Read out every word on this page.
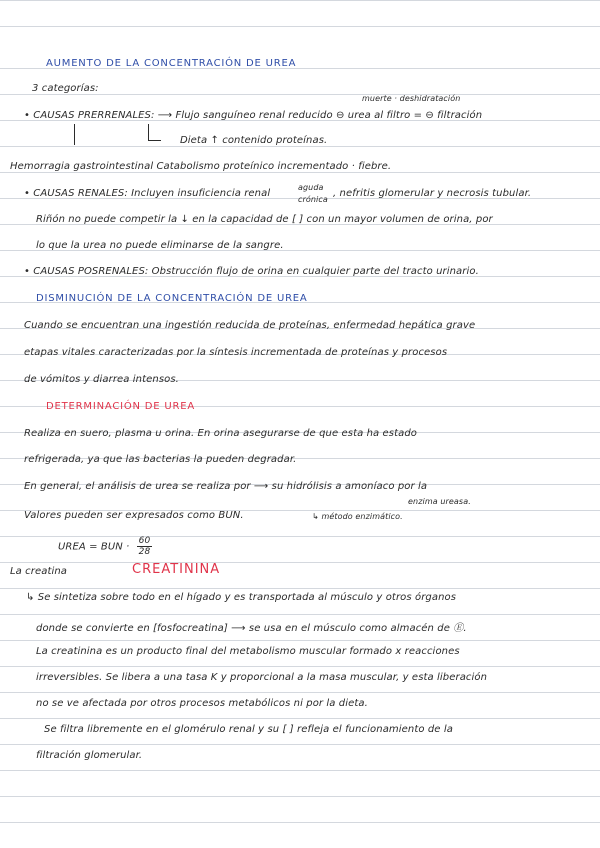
AUMENTO DE LA CONCENTRACIÓN DE UREA
3 categorías:
muerte · deshidratación
• CAUSAS PRERRENALES: ⟶ Flujo sanguíneo renal reducido ⊖ urea al filtro = ⊖ filtración
Dieta ↑ contenido proteínas.
Hemorragia gastrointestinal Catabolismo proteínico incrementado · fiebre.
• CAUSAS RENALES: Incluyen insuficiencia renal
aguda
crónica
, nefritis glomerular y necrosis tubular.
Riñón no puede competir la ↓ en la capacidad de [ ] con un mayor volumen de orina, por
lo que la urea no puede eliminarse de la sangre.
• CAUSAS POSRENALES: Obstrucción flujo de orina en cualquier parte del tracto urinario.
DISMINUCIÓN DE LA CONCENTRACIÓN DE UREA
Cuando se encuentran una ingestión reducida de proteínas, enfermedad hepática grave
etapas vitales caracterizadas por la síntesis incrementada de proteínas y procesos
de vómitos y diarrea intensos.
DETERMINACIÓN DE UREA
Realiza en suero, plasma u orina. En orina asegurarse de que esta ha estado
refrigerada, ya que las bacterias la pueden degradar.
En general, el análisis de urea se realiza por ⟶ su hidrólisis a amoníaco por la
enzima ureasa.
Valores pueden ser expresados como BUN.	↳ método enzimático.
UREA = BUN · $\frac{60}{28}$
La creatina	CREATININA
↳ Se sintetiza sobre todo en el hígado y es transportada al músculo y otros órganos
donde se convierte en [fosfocreatina] ⟶ se usa en el músculo como almacén de Ⓔ.
La creatinina es un producto final del metabolismo muscular formado x reacciones
irreversibles. Se libera a una tasa K y proporcional a la masa muscular, y esta liberación
no se ve afectada por otros procesos metabólicos ni por la dieta.
Se filtra libremente en el glomérulo renal y su [ ] refleja el funcionamiento de la
filtración glomerular.
